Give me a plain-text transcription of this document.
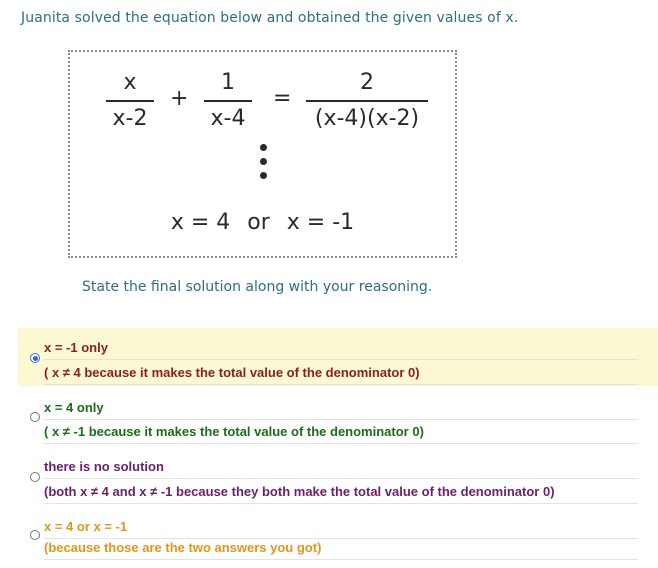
Juanita solved the equation below and obtained the given values of x.
x
x-2
+
1
x-4
=
2
(x-4)(x-2)
x = 4 or x = -1
State the final solution along with your reasoning.
x = -1 only
( x ≠ 4 because it makes the total value of the denominator 0)
x = 4 only
( x ≠ -1 because it makes the total value of the denominator 0)
there is no solution
(both x ≠ 4 and x ≠ -1 because they both make the total value of the denominator 0)
x = 4 or x = -1
(because those are the two answers you got)
